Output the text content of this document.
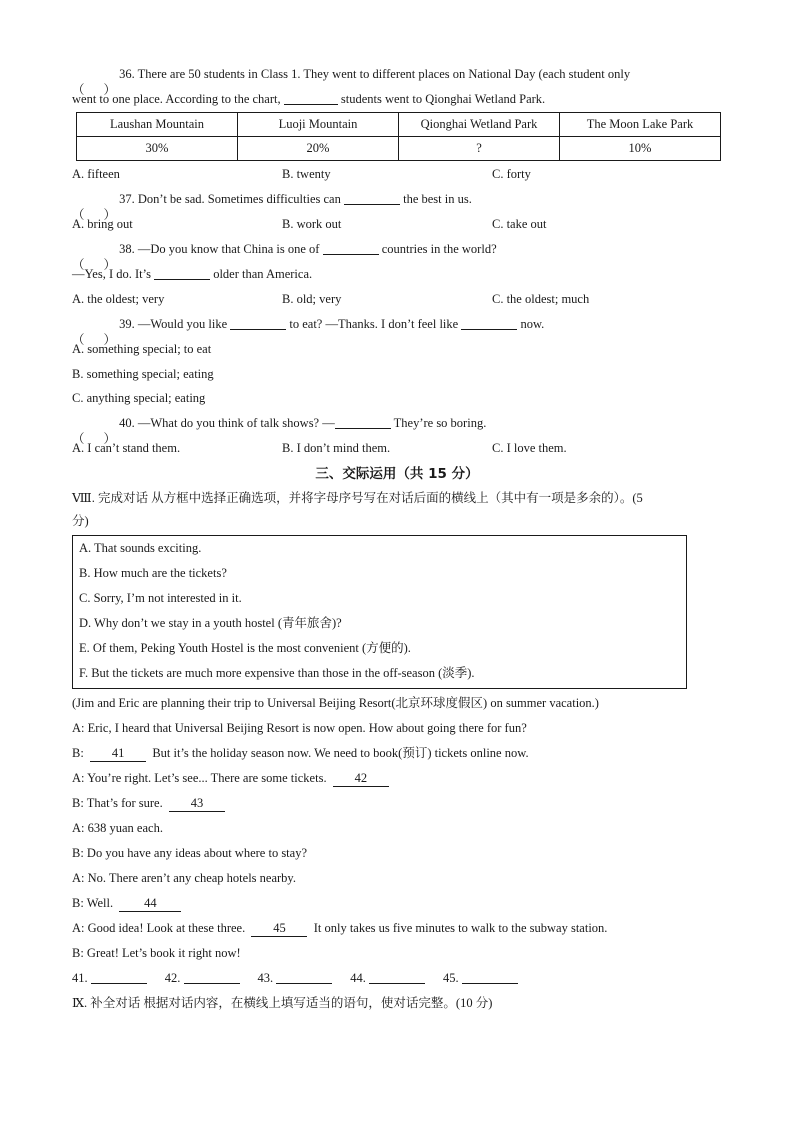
36. There are 50 students in Class 1. They went to different places on National Day (each student only
went to one place. According to the chart,	students went to Qionghai Wetland Park.
Laushan Mountain	Luoji Mountain	Qionghai Wetland Park	The Moon Lake Park
30%	20%	?	10%
A. fifteen	B. twenty	C. forty
37. Don’t be sad. Sometimes difficulties can	the best in us.
A. bring out	B. work out	C. take out
38. —Do you know that China is one of	countries in the world?
—Yes, I do. It’s	older than America.
A. the oldest; very	B. old; very	C. the oldest; much
39. —Would you like	to eat? —Thanks. I don’t feel like	now.
A. something special; to eat
B. something special; eating
C. anything special; eating
40. —What do you think of talk shows? —	They’re so boring.
A. I can’t stand them.	B. I don’t mind them.	C. I love them.
三、交际运用（共 15 分）
Ⅷ. 完成对话 从方框中选择正确选项，并将字母序号写在对话后面的横线上（其中有一项是多余的）。(5
分)
A. That sounds exciting.
B. How much are the tickets?
C. Sorry, I’m not interested in it.
D. Why don’t we stay in a youth hostel (青年旅舍)?
E. Of them, Peking Youth Hostel is the most convenient (方便的).
F. But the tickets are much more expensive than those in the off-season (淡季).
(Jim and Eric are planning their trip to Universal Beijing Resort(北京环球度假区) on summer vacation.)
A: Eric, I heard that Universal Beijing Resort is now open. How about going there for fun?
B: 41 But it’s the holiday season now. We need to book(预订) tickets online now.
A: You’re right. Let’s see... There are some tickets. 42
B: That’s for sure. 43
A: 638 yuan each.
B: Do you have any ideas about where to stay?
A: No. There aren’t any cheap hotels nearby.
B: Well. 44
A: Good idea! Look at these three. 45 It only takes us five minutes to walk to the subway station.
B: Great! Let’s book it right now!
41.	42.	43.	44.	45.
Ⅸ. 补全对话 根据对话内容，在横线上填写适当的语句，使对话完整。(10 分)
